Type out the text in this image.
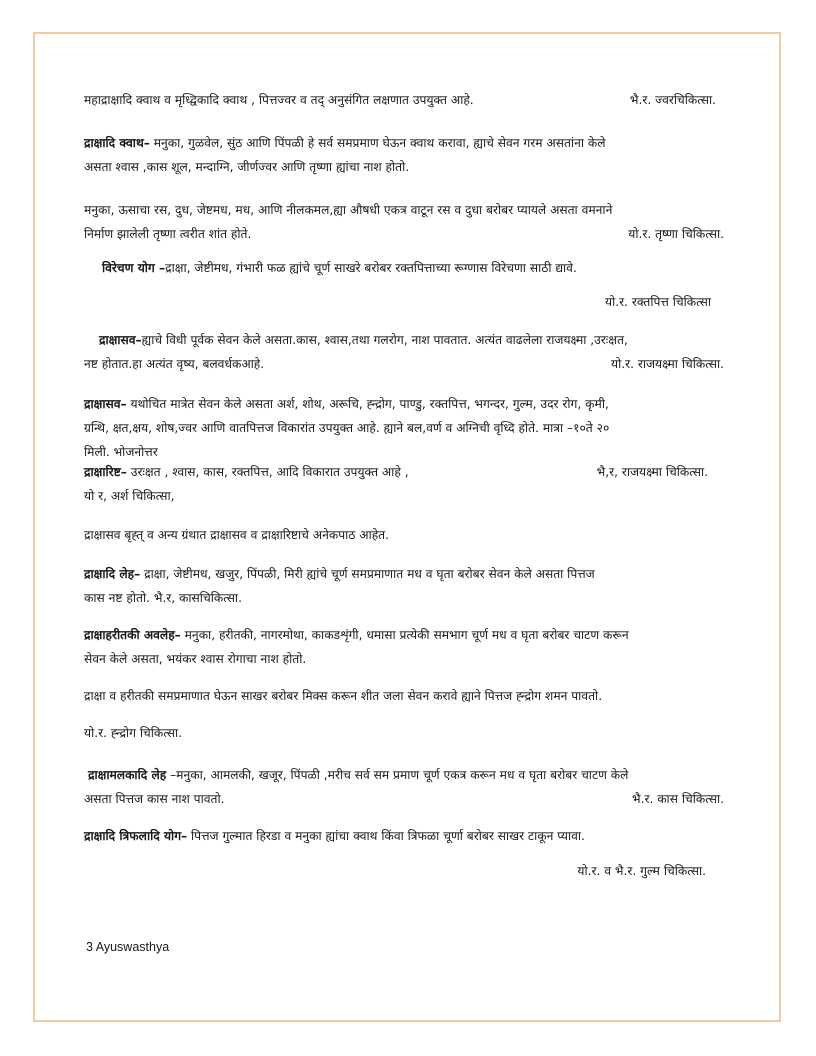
महाद्राक्षादि क्वाथ व मृध्द्विकादि क्वाथ , पित्तज्वर व तद् अनुसंगित लक्षणात उपयुक्त आहे.	भै.र. ज्वरचिकित्सा.
द्राक्षादि क्वाथ– मनुका, गुळवेल, सुंठ आणि पिंपळी हे सर्व समप्रमाण घेऊन क्वाथ करावा, ह्याचे सेवन गरम असतांना केले
असता श्वास ,कास शूल, मन्दाग्नि, जीर्णज्वर आणि तृष्णा ह्यांचा नाश होतो.
मनुका, ऊसाचा रस, दुध, जेष्टमध, मध, आणि नीलकमल,ह्या औषधी एकत्र वाटून रस व दुधा बरोबर प्यायले असता वमनाने
निर्माण झालेली तृष्णा त्वरीत शांत होते.	यो.र. तृष्णा चिकित्सा.
विरेचण योग –द्राक्षा, जेष्टीमध, गंभारी फळ ह्यांचे चूर्ण साखरे बरोबर रक्तपित्ताच्या रूग्णास विरेचणा साठी द्यावे.
यो.र. रक्तपित्त चिकित्सा
द्राक्षासव–ह्याचे विधी पूर्वक सेवन केले असता.कास, श्वास,तथा गलरोग, नाश पावतात. अत्यंत वाढलेला राजयक्ष्मा ,उरःक्षत,
नष्ट होतात.हा अत्यंत वृष्य, बलवर्धकआहे.	यो.र. राजयक्ष्मा चिकित्सा.
द्राक्षासव– यथोचित मात्रेत सेवन केले असता अर्श, शोथ, अरूचि, ह्न्द्रोग, पाण्डु, रक्तपित्त, भगन्दर, गुल्म, उदर रोग, कृमी,
ग्रन्थि, क्षत,क्षय, शोष,ज्वर आणि वातपित्तज विकारांत उपयुक्त आहे. ह्याने बल,वर्ण व अग्निची वृध्दि होते. मात्रा –१०ते २०
मिली. भोजनोत्तर
द्राक्षारिष्ट– उरःक्षत , श्वास, कास, रक्तपित्त, आदि विकारात उपयुक्त आहे ,	भै,र, राजयक्ष्मा चिकित्सा.

यो र, अर्श चिकित्सा,
द्राक्षासव बृह्त् व अन्य ग्रंथात द्राक्षासव व द्राक्षारिष्टाचे अनेकपाठ आहेत.
द्राक्षादि लेह– द्राक्षा, जेष्टीमध, खजुर, पिंपळी, मिरी ह्यांचे चूर्ण समप्रमाणात मध व घृता बरोबर सेवन केले असता पित्तज
कास नष्ट होतो. भै.र, कासचिकित्सा.
द्राक्षाहरीतकी अवलेह– मनुका, हरीतकी, नागरमोथा, काकडशृंगी, धमासा प्रत्येकी समभाग चूर्ण मध व घृता बरोबर चाटण करून
सेवन केले असता, भयंकर श्वास रोगाचा नाश होतो.
द्राक्षा व हरीतकी समप्रमाणात घेऊन साखर बरोबर मिक्स करून शीत जला सेवन करावे ह्याने पित्तज ह्न्द्रोग शमन पावतो.
यो.र. ह्न्द्रोग चिकित्सा.
द्राक्षामलकादि लेह –मनुका, आमलकी, खजूर, पिंपळी ,मरीच सर्व सम प्रमाण चूर्ण एकत्र करून मध व घृता बरोबर चाटण केले
असता पित्तज कास नाश पावतो.	भै.र. कास चिकित्सा.
द्राक्षादि त्रिफलादि योग– पित्तज गुल्मात हिरडा व मनुका ह्यांचा क्वाथ किंवा त्रिफळा चूर्णा बरोबर साखर टाकून प्यावा.
यो.र. व भै.र. गुल्म चिकित्सा.
3 Ayuswasthya
